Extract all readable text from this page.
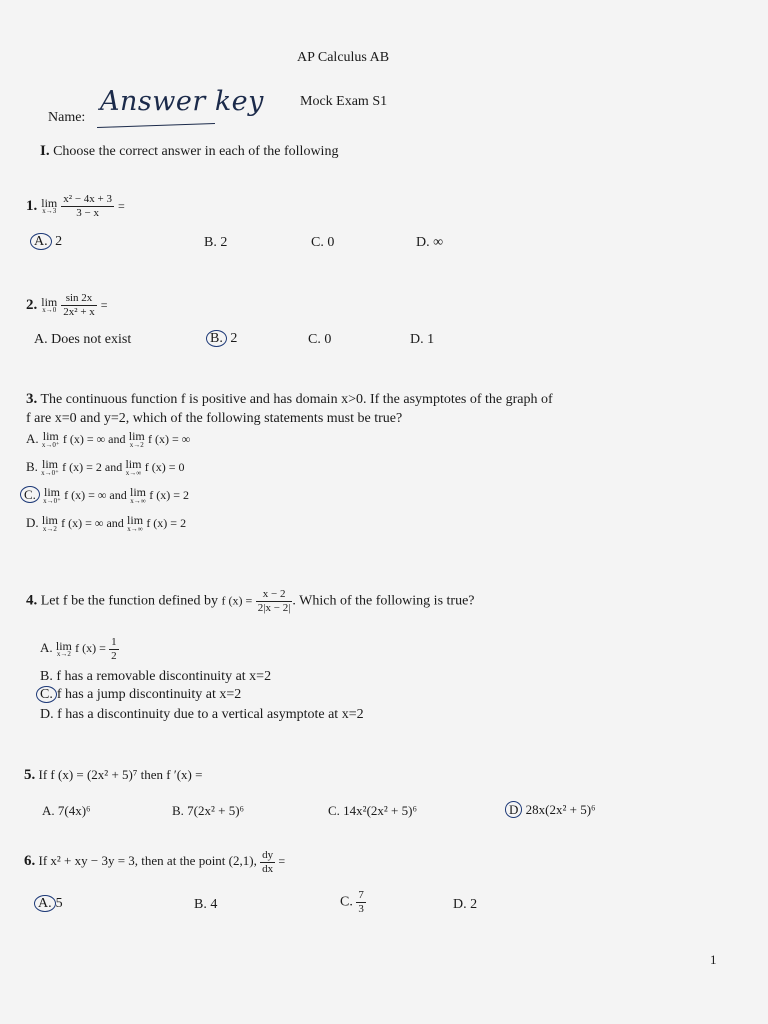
AP Calculus AB
Mock Exam S1
Name:
Answer key
I. Choose the correct answer in each of the following
1. lim
x→3
$\frac{\text{x² − 4x + 3}}{3 - x}$ =
A. 2	B. 2	C. 0	D. ∞
2. lim
x→0
$\frac{\sin 2x}{\text{2x² + x}}$ =
A. Does not exist	B. 2	C. 0	D. 1
3. The continuous function f is positive and has domain x>0. If the asymptotes of the graph of
f are x=0 and y=2, which of the following statements must be true?
A. lim
x→0⁺ f (x) = ∞ and lim
x→2 f (x) = ∞
B. lim
x→0⁺ f (x) = 2 and lim
x→∞ f (x) = 0
C. lim
x→0⁺ f (x) = ∞ and lim
x→∞ f (x) = 2
D. lim
x→2 f (x) = ∞ and lim
x→∞ f (x) = 2
4. Let f be the function defined by f $(x) = \frac{x - 2}{2|x - 2|}$ . Which of the following is true?
A. lim
x→2 f $(x) = \frac{1}{2}$
B. f has a removable discontinuity at x=2
C. f has a jump discontinuity at x=2
D. f has a discontinuity due to a vertical asymptote at x=2
5. If f (x) = (2x² + 5)⁷ then f ′(x) =
A. 7(4x)⁶	B. 7(2x² + 5)⁶	C. 14x²(2x² + 5)⁶	D 28x(2x² + 5)⁶
6. If x² + xy − 3y = 3, then at the point (2,1), $\frac{dy}{dx}$ =
A. 5	B. 4	C. $\frac{7}{3}$	D. 2
1
